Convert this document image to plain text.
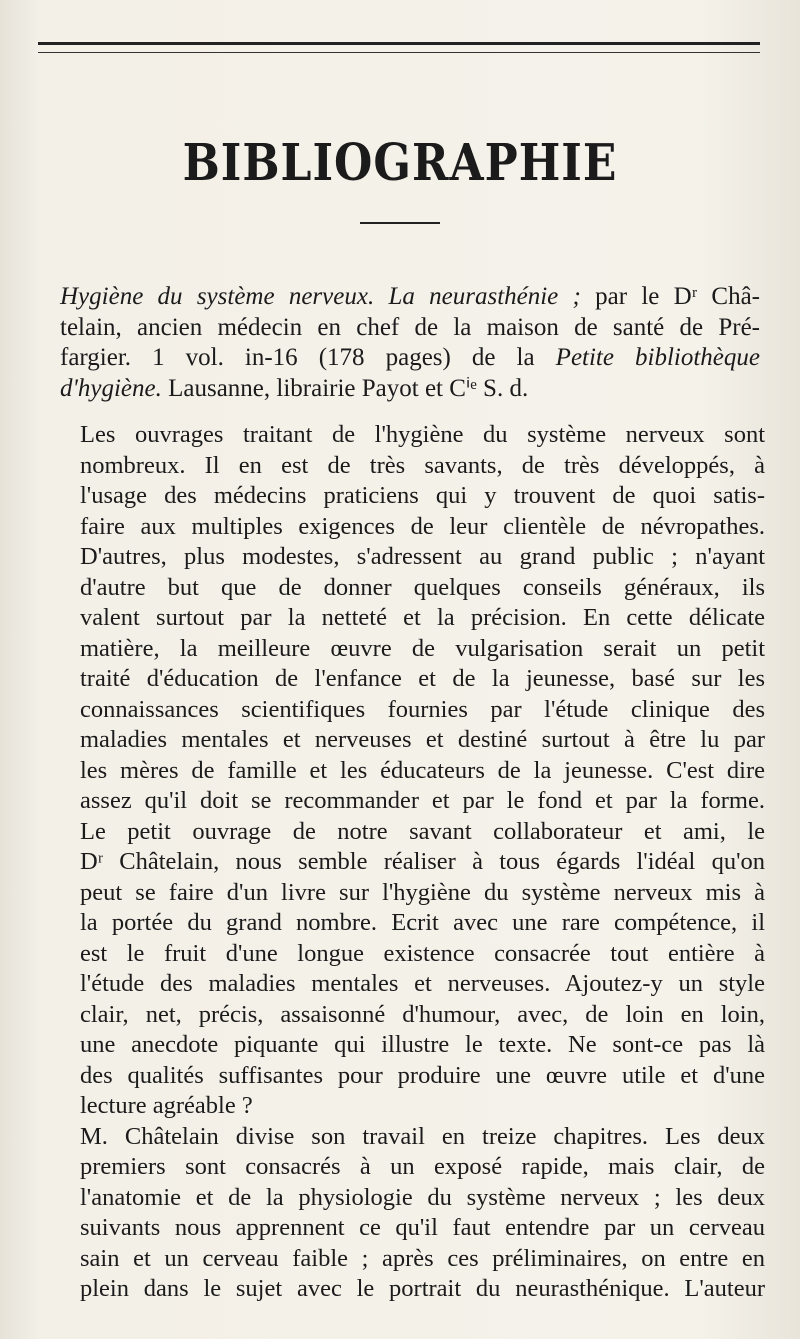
BIBLIOGRAPHIE
Hygiène du système nerveux. La neurasthénie ; par le Dʳ Châ-
telain, ancien médecin en chef de la maison de santé de Pré-
fargier. 1 vol. in-16 (178 pages) de la Petite bibliothèque
d'hygiène. Lausanne, librairie Payot et Cⁱᵉ S. d.

Les ouvrages traitant de l'hygiène du système nerveux sont
nombreux. Il en est de très savants, de très développés, à
l'usage des médecins praticiens qui y trouvent de quoi satis-
faire aux multiples exigences de leur clientèle de névropathes.
D'autres, plus modestes, s'adressent au grand public ; n'ayant
d'autre but que de donner quelques conseils généraux, ils
valent surtout par la netteté et la précision. En cette délicate
matière, la meilleure œuvre de vulgarisation serait un petit
traité d'éducation de l'enfance et de la jeunesse, basé sur les
connaissances scientifiques fournies par l'étude clinique des
maladies mentales et nerveuses et destiné surtout à être lu par
les mères de famille et les éducateurs de la jeunesse. C'est dire
assez qu'il doit se recommander et par le fond et par la forme.

Le petit ouvrage de notre savant collaborateur et ami, le
Dʳ Châtelain, nous semble réaliser à tous égards l'idéal qu'on
peut se faire d'un livre sur l'hygiène du système nerveux mis à
la portée du grand nombre. Ecrit avec une rare compétence, il
est le fruit d'une longue existence consacrée tout entière à
l'étude des maladies mentales et nerveuses. Ajoutez-y un style
clair, net, précis, assaisonné d'humour, avec, de loin en loin,
une anecdote piquante qui illustre le texte. Ne sont-ce pas là
des qualités suffisantes pour produire une œuvre utile et d'une
lecture agréable ?

M. Châtelain divise son travail en treize chapitres. Les deux
premiers sont consacrés à un exposé rapide, mais clair, de
l'anatomie et de la physiologie du système nerveux ; les deux
suivants nous apprennent ce qu'il faut entendre par un cerveau
sain et un cerveau faible ; après ces préliminaires, on entre en
plein dans le sujet avec le portrait du neurasthénique. L'auteur
